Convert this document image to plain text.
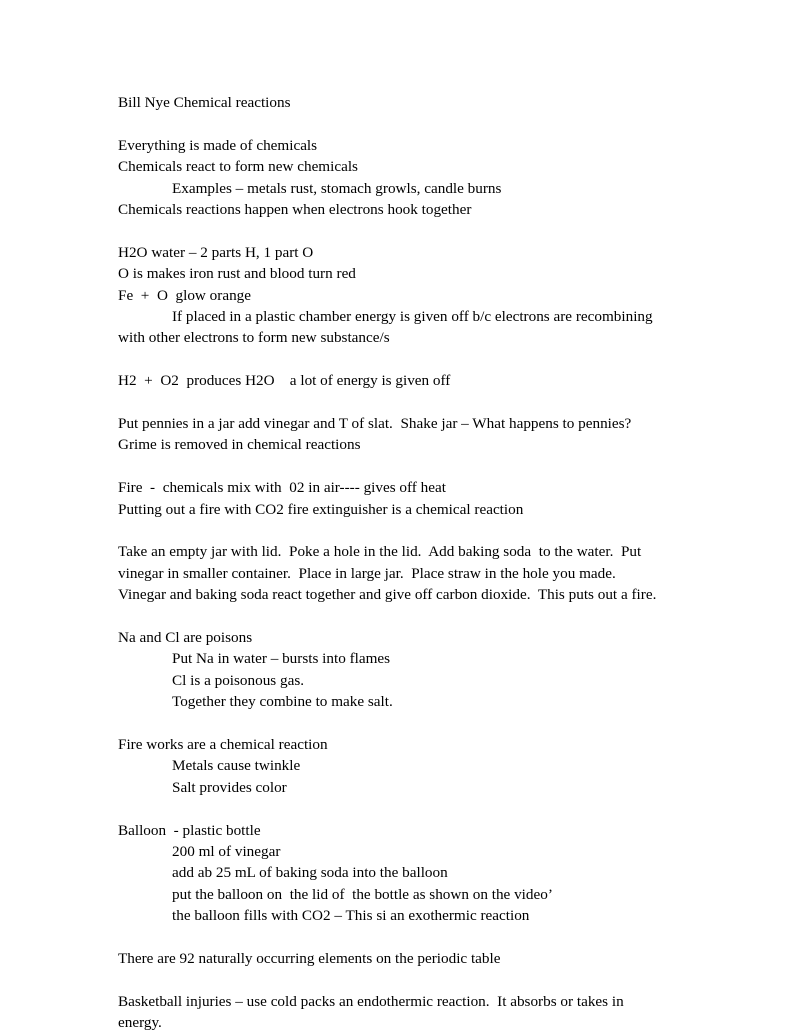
Bill Nye Chemical reactions

Everything is made of chemicals
Chemicals react to form new chemicals
Examples – metals rust, stomach growls, candle burns
Chemicals reactions happen when electrons hook together

H2O water – 2 parts H, 1 part O
O is makes iron rust and blood turn red
Fe  +  O  glow orange
If placed in a plastic chamber energy is given off b/c electrons are recombining
with other electrons to form new substance/s

H2  +  O2  produces H2O    a lot of energy is given off

Put pennies in a jar add vinegar and T of slat.  Shake jar – What happens to pennies?
Grime is removed in chemical reactions

Fire  -  chemicals mix with  02 in air---- gives off heat
Putting out a fire with CO2 fire extinguisher is a chemical reaction

Take an empty jar with lid.  Poke a hole in the lid.  Add baking soda  to the water.  Put
vinegar in smaller container.  Place in large jar.  Place straw in the hole you made.
Vinegar and baking soda react together and give off carbon dioxide.  This puts out a fire.

Na and Cl are poisons
Put Na in water – bursts into flames
Cl is a poisonous gas.
Together they combine to make salt.

Fire works are a chemical reaction
Metals cause twinkle
Salt provides color

Balloon  - plastic bottle
200 ml of vinegar
add ab 25 mL of baking soda into the balloon
put the balloon on  the lid of  the bottle as shown on the video’
the balloon fills with CO2 – This si an exothermic reaction

There are 92 naturally occurring elements on the periodic table

Basketball injuries – use cold packs an endothermic reaction.  It absorbs or takes in
energy.
